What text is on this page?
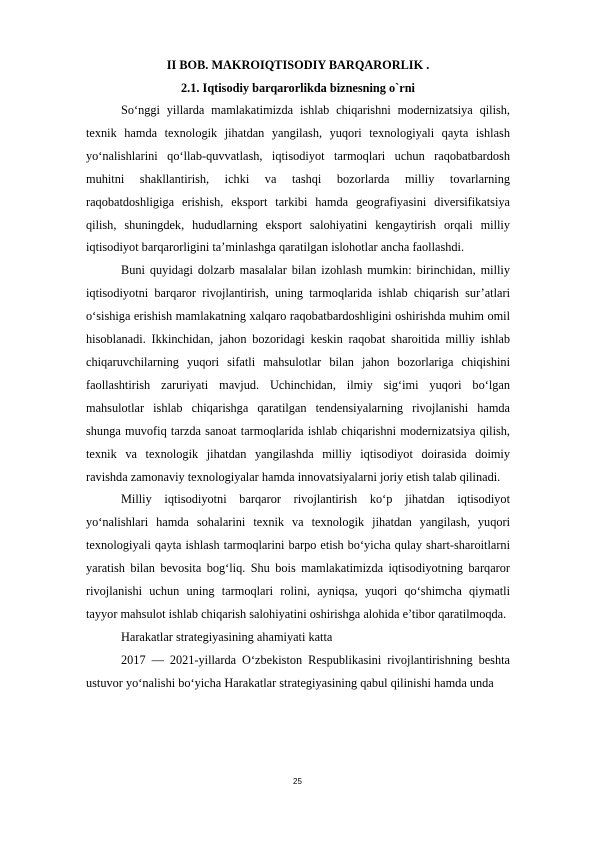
II BOB. MAKROIQTISODIY BARQARORLIK .
2.1. Iqtisodiy barqarorlikda biznesning o`rni

So‘nggi yillarda mamlakatimizda ishlab chiqarishni modernizatsiya qilish, texnik hamda texnologik jihatdan yangilash, yuqori texnologiyali qayta ishlash yo‘nalishlarini qo‘llab-quvvatlash, iqtisodiyot tarmoqlari uchun raqobatbardosh muhitni shakllantirish, ichki va tashqi bozorlarda milliy tovarlarning raqobatdoshligiga erishish, eksport tarkibi hamda geografiyasini diversifikatsiya qilish, shuningdek, hududlarning eksport salohiyatini kengaytirish orqali milliy iqtisodiyot barqarorligini ta’minlashga qaratilgan islohotlar ancha faollashdi.

Buni quyidagi dolzarb masalalar bilan izohlash mumkin: birinchidan, milliy iqtisodiyotni barqaror rivojlantirish, uning tarmoqlarida ishlab chiqarish sur’atlari o‘sishiga erishish mamlakatning xalqaro raqobatbardoshligini oshirishda muhim omil hisoblanadi. Ikkinchidan, jahon bozoridagi keskin raqobat sharoitida milliy ishlab chiqaruvchilarning yuqori sifatli mahsulotlar bilan jahon bozorlariga chiqishini faollashtirish zaruriyati mavjud. Uchinchidan, ilmiy sig‘imi yuqori bo‘lgan mahsulotlar ishlab chiqarishga qaratilgan tendensiyalarning rivojlanishi hamda shunga muvofiq tarzda sanoat tarmoqlarida ishlab chiqarishni modernizatsiya qilish, texnik va texnologik jihatdan yangilashda milliy iqtisodiyot doirasida doimiy ravishda zamonaviy texnologiyalar hamda innovatsiyalarni joriy etish talab qilinadi.

Milliy iqtisodiyotni barqaror rivojlantirish ko‘p jihatdan iqtisodiyot yo‘nalishlari hamda sohalarini texnik va texnologik jihatdan yangilash, yuqori texnologiyali qayta ishlash tarmoqlarini barpo etish bo‘yicha qulay shart-sharoitlarni yaratish bilan bevosita bog‘liq. Shu bois mamlakatimizda iqtisodiyotning barqaror rivojlanishi uchun uning tarmoqlari rolini, ayniqsa, yuqori qo‘shimcha qiymatli tayyor mahsulot ishlab chiqarish salohiyatini oshirishga alohida e’tibor qaratilmoqda.

Harakatlar strategiyasining ahamiyati katta

2017 — 2021-yillarda O‘zbekiston Respublikasini rivojlantirishning beshta ustuvor yo‘nalishi bo‘yicha Harakatlar strategiyasining qabul qilinishi hamda unda

25
